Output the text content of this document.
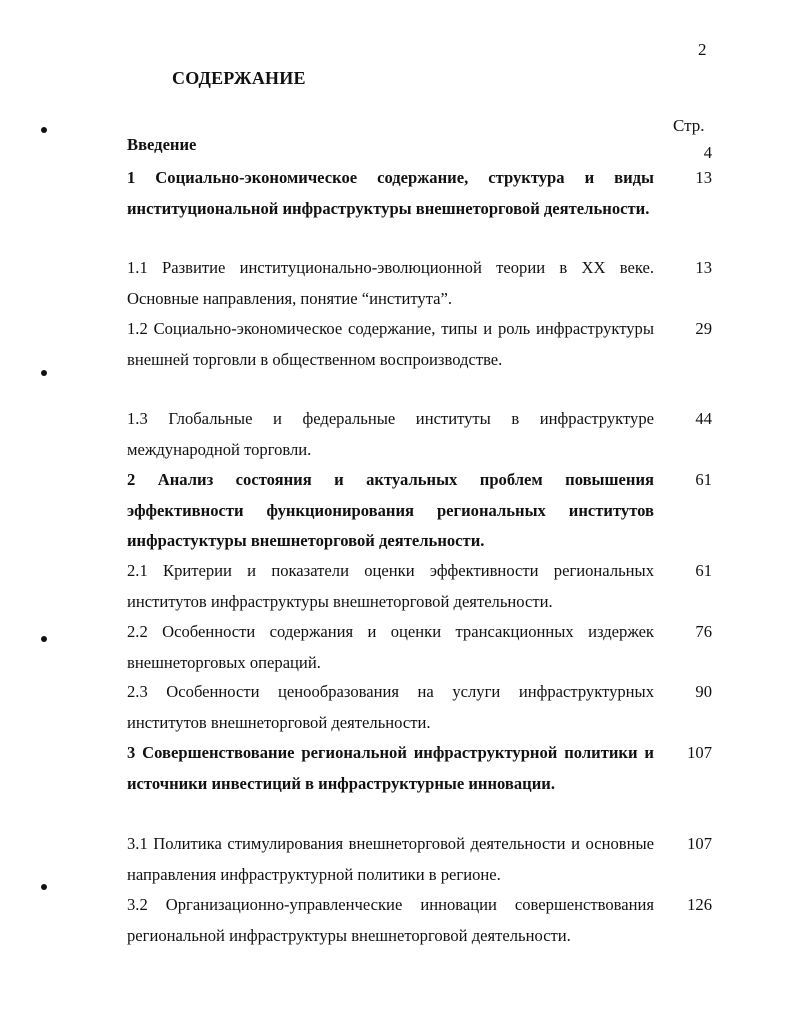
2
СОДЕРЖАНИЕ
Стр.
Введение	4
1 Социально-экономическое содержание, структура и виды институциональной инфраструктуры внешнеторговой деятельности.
13
1.1 Развитие институционально-эволюционной теории в XX веке. Основные направления, понятие “института”.
13
1.2 Социально-экономическое содержание, типы и роль инфраструктуры внешней торговли в общественном воспроизводстве.
29
1.3 Глобальные и федеральные институты в инфраструктуре международной торговли.
44
2 Анализ состояния и актуальных проблем повышения эффективности функционирования региональных институтов инфрастуктуры внешнеторговой деятельности.
61
2.1 Критерии и показатели оценки эффективности региональных институтов инфраструктуры внешнеторговой деятельности.
61
2.2 Особенности содержания и оценки трансакционных издержек внешнеторговых операций.
76
2.3 Особенности ценообразования на услуги инфраструктурных институтов внешнеторговой деятельности.
90
3 Совершенствование региональной инфраструктурной политики и источники инвестиций в инфраструктурные инновации.
107
3.1 Политика стимулирования внешнеторговой деятельности и основные направления инфраструктурной политики в регионе.
107
3.2 Организационно-управленческие инновации совершенствования региональной инфраструктуры внешнеторговой деятельности.
126
